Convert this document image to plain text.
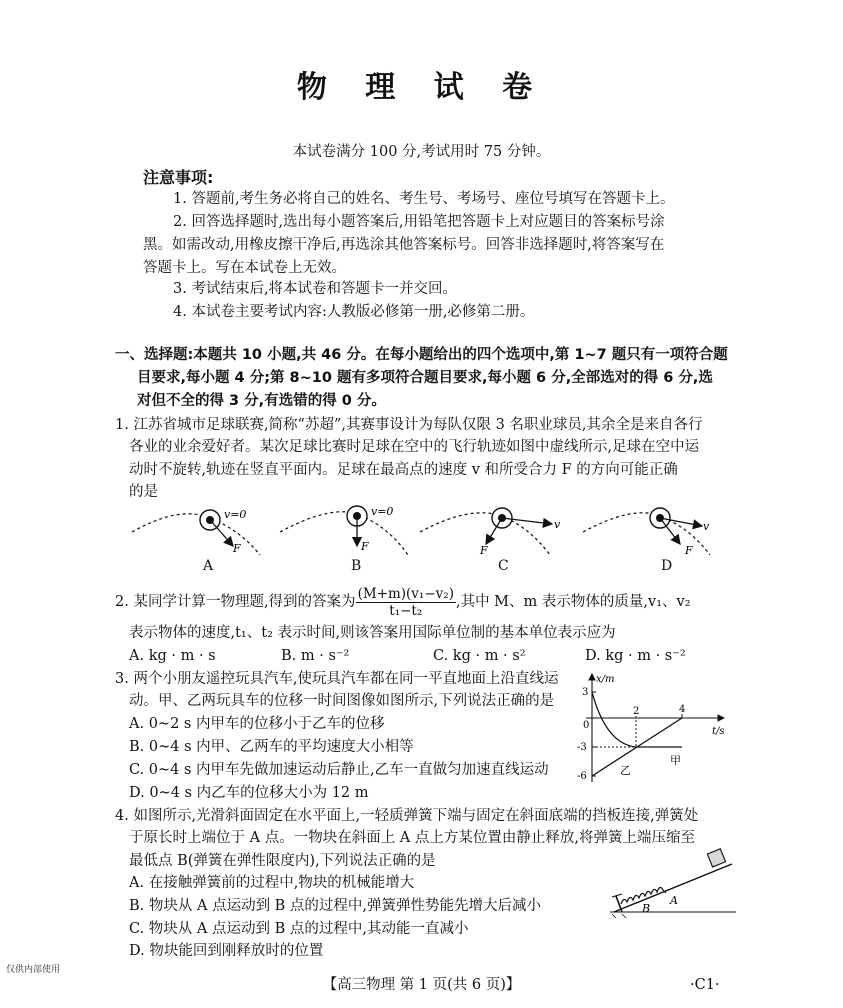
物 理 试 卷
本试卷满分 100 分,考试用时 75 分钟。
注意事项:
1. 答题前,考生务必将自己的姓名、考生号、考场号、座位号填写在答题卡上。
2. 回答选择题时,选出每小题答案后,用铅笔把答题卡上对应题目的答案标号涂
黑。如需改动,用橡皮擦干净后,再选涂其他答案标号。回答非选择题时,将答案写在
答题卡上。写在本试卷上无效。
3. 考试结束后,将本试卷和答题卡一并交回。
4. 本试卷主要考试内容:人教版必修第一册,必修第二册。
一、选择题:本题共 10 小题,共 46 分。在每小题给出的四个选项中,第 1~7 题只有一项符合题
目要求,每小题 4 分;第 8~10 题有多项符合题目要求,每小题 6 分,全部选对的得 6 分,选
对但不全的得 3 分,有选错的得 0 分。
1. 江苏省城市足球联赛,简称“苏超”,其赛事设计为每队仅限 3 名职业球员,其余全是来自各行
各业的业余爱好者。某次足球比赛时足球在空中的飞行轨迹如图中虚线所示,足球在空中运
动时不旋转,轨迹在竖直平面内。足球在最高点的速度 v 和所受合力 F 的方向可能正确
的是
v=0
F
v=0
F
v
F
v
F
A	B	C	D
2. 某同学计算一物理题,得到的答案为 $\frac{\text{(M+m)(v₁−v₂)}}{\text{t₁−t₂}}$ ,其中 M、m 表示物体的质量,v₁、v₂
表示物体的速度,t₁、t₂ 表示时间,则该答案用国际单位制的基本单位表示应为
A. kg · m · s	B. m · s⁻²	C. kg · m · s²	D. kg · m · s⁻²
3. 两个小朋友遥控玩具汽车,使玩具汽车都在同一平直地面上沿直线运
动。甲、乙两玩具车的位移一时间图像如图所示,下列说法正确的是
A. 0~2 s 内甲车的位移小于乙车的位移
B. 0~4 s 内甲、乙两车的平均速度大小相等
C. 0~4 s 内甲车先做加速运动后静止,乙车一直做匀加速直线运动
D. 0~4 s 内乙车的位移大小为 12 m
x/m
t/s
3
-3
-6
0
2	4
甲
乙
4. 如图所示,光滑斜面固定在水平面上,一轻质弹簧下端与固定在斜面底端的挡板连接,弹簧处
于原长时上端位于 A 点。一物块在斜面上 A 点上方某位置由静止释放,将弹簧上端压缩至
最低点 B(弹簧在弹性限度内),下列说法正确的是
A. 在接触弹簧前的过程中,物块的机械能增大
B. 物块从 A 点运动到 B 点的过程中,弹簧弹性势能先增大后减小
C. 物块从 A 点运动到 B 点的过程中,其动能一直减小
D. 物块能回到刚释放时的位置
A
B
仅供内部使用
【高三物理 第 1 页(共 6 页)】	·C1·
